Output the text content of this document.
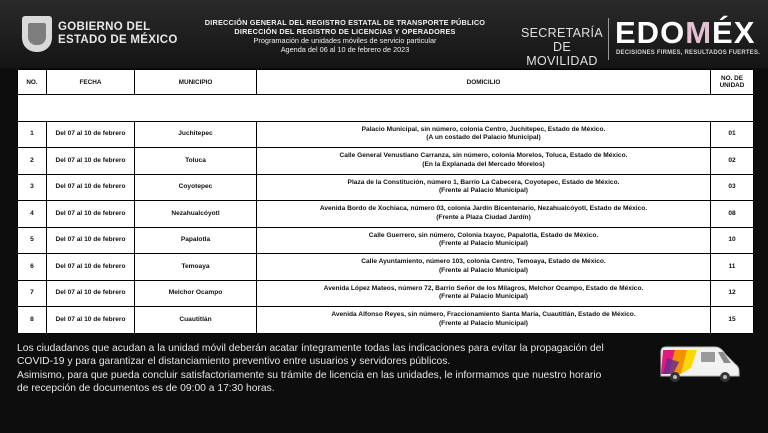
GOBIERNO DEL
ESTADO DE MÉXICO
DIRECCIÓN GENERAL DEL REGISTRO ESTATAL DE TRANSPORTE PÚBLICO
DIRECCIÓN DEL REGISTRO DE LICENCIAS Y OPERADORES
Programación de unidades móviles de servicio particular
Agenda del 06 al 10 de febrero de 2023
SECRETARÍA DE
MOVILIDAD
EDOMÉX
DECISIONES FIRMES, RESULTADOS FUERTES.
NO.	FECHA	MUNICIPIO	DOMICILIO	NO. DE UNIDAD

1	Del 07 al 10 de febrero	Juchitepec	Palacio Municipal, sin número, colonia Centro, Juchitepec, Estado de México.
(A un costado del Palacio Municipal)	01
2	Del 07 al 10 de febrero	Toluca	Calle General Venustiano Carranza, sin número, colonia Morelos, Toluca, Estado de México.
(En la Explanada del Mercado Morelos)	02
3	Del 07 al 10 de febrero	Coyotepec	Plaza de la Constitución, número 1, Barrio La Cabecera, Coyotepec, Estado de México.
(Frente al Palacio Municipal)	03
4	Del 07 al 10 de febrero	Nezahualcóyotl	Avenida Bordo de Xochiaca, número 03, colonia Jardín Bicentenario, Nezahualcóyotl, Estado de México.
(Frente a Plaza Ciudad Jardín)	08
5	Del 07 al 10 de febrero	Papalotla	Calle Guerrero, sin número, Colonia Ixayoc, Papalotla, Estado de México.
(Frente al Palacio Municipal)	10
6	Del 07 al 10 de febrero	Temoaya	Calle Ayuntamiento, número 103, colonia Centro, Temoaya, Estado de México.
(Frente al Palacio Municipal)	11
7	Del 07 al 10 de febrero	Melchor Ocampo	Avenida López Mateos, número 72, Barrio Señor de los Milagros, Melchor Ocampo, Estado de México.
(Frente al Palacio Municipal)	12
8	Del 07 al 10 de febrero	Cuautitlán	Avenida Alfonso Reyes, sin número, Fraccionamiento Santa María, Cuautitlán, Estado de México.
(Frente al Palacio Municipal)	15
Los ciudadanos que acudan a la unidad móvil deberán acatar íntegramente todas las indicaciones para evitar la propagación del
COVID-19 y para garantizar el distanciamiento preventivo entre usuarios y servidores públicos.
Asimismo, para que pueda concluir satisfactoriamente su trámite de licencia en las unidades, le informamos que nuestro horario
de recepción de documentos es de 09:00 a 17:30 horas.
